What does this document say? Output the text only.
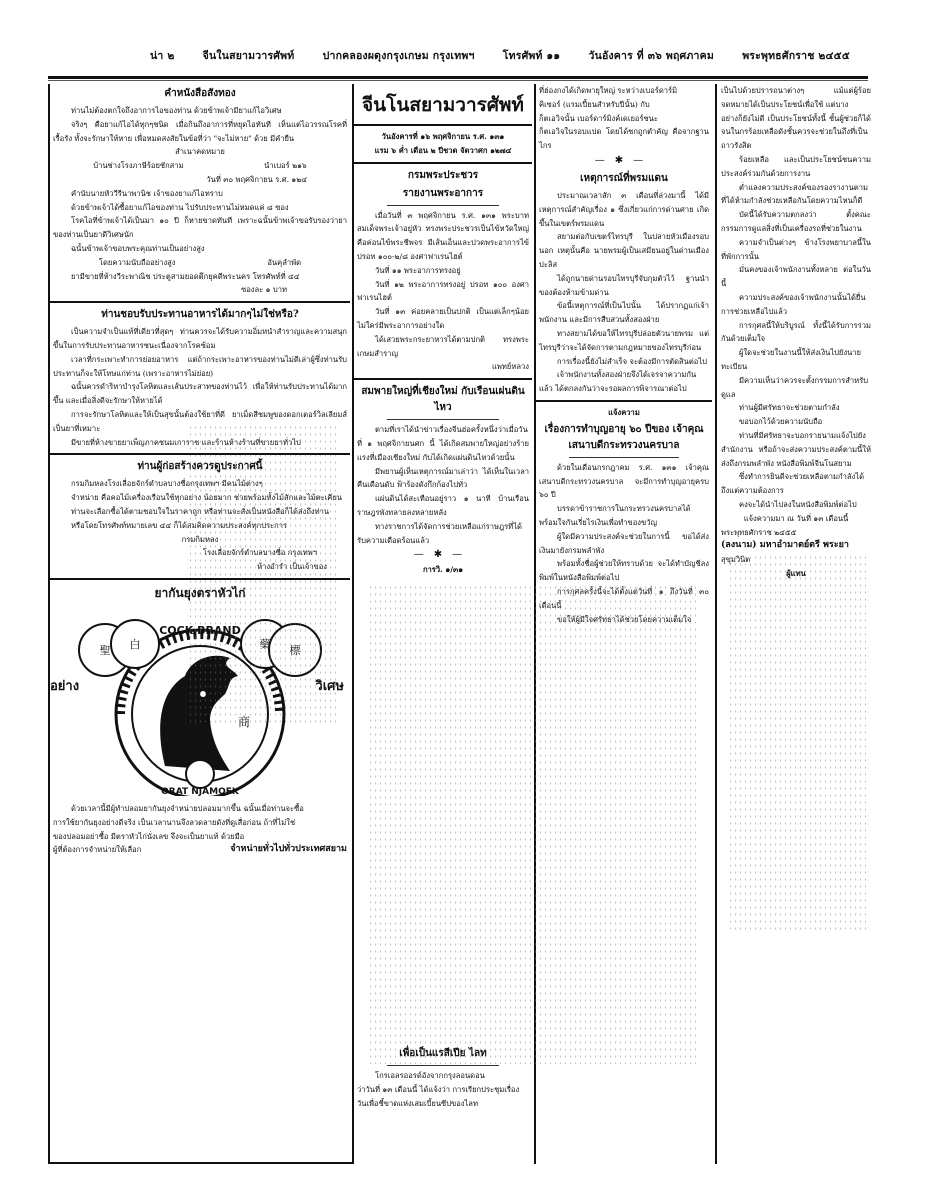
น่า ๒	จีนในสยามวารศัพท์	ปากคลองผดุงกรุงเกษม กรุงเทพฯ	โทรศัพท์ ๑๑	วันอังคาร ที่ ๓๖ พฤศภาคม	พระพุทธศักราช ๒๔๕๕
คำหนังสือสังทอง

ท่านไม่ต้องตกใจถึงอาการไอของท่าน ด้วยข้าพเจ้ามียาแก้ไอวิเศษ

จริงๆ คือยาแก้ไอได้ทุกๆชนิด เมื่อกินถึงอาการที่หยุดไอทันที เห็นแต่ไอวรรณโรคที่เรื้อรัง ทั้งจะรักษาให้หาย เพื่อหมดสงสัยในข้อที่ว่า "จะไม่หาย" ด้วย มีคำยืน

สำเนาคดหมาย
บ้านช่างโรงภาษีร้อยชักสาม	นำเบอร์ ๒๑๖
วันที่ ๓๐ พฤศจิกายน ร.ศ. ๑๒๔

คำนับนายหัววีรีนาพานิช เจ้าของยาแก้ไอทราบ

ด้วยข้าพเจ้าได้ซื้อยาแก้ไอของท่าน ไปรับประทานไม่หมดแค่ ๘ ซอง

โรคไอที่ข้าพเจ้าได้เป็นมา ๑๐ ปี ก็หายขาดทันที เพราะฉนั้นข้าพเจ้าขอรับรองว่ายาของท่านเป็นยาดีวิเศษนัก

ฉนั้นข้าพเจ้าขอบพระคุณท่านเป็นอย่างสูง

โดยความนับถืออย่างสูง	อันคุลำพัด

ยามีขายที่ห้างวีระพาณิช ประตูสามยอดตึกยุคดีพระนคร โทรศัพท์ที่ ๔๔

ซองละ ๑ บาท
ท่านชอบรับประทานอาหารได้มากๆไม่ใช่หรือ?

เป็นความจำเป็นแท้ที่เดียวที่สุดๆ ท่านควรจะได้รับความอิ่มหนำสำราญและความสนุกขึ้นในการรับประทานอาหารชนะเนื่องจากโรคซ้อม

เวลาที่กระเพาะทำการย่อยอาหาร แต่ถ้ากระเพาะอาหารของท่านไม่ดีเล่าผู้ซึ่งท่านรับประทานก็จะให้โทษแก่ท่าน (เพราะอาหารไม่ย่อย)

ฉนั้นควรดำริหาบำรุงโลหิตและเส้นประสาทของท่านไว้ เพื่อให้ท่านรับประทานได้มากขึ้น และเมื่อสิ่งดีจะรักษาให้หายได้

การจะรักษาโลหิตและให้เป็นสุขนั้นต้องใช้ยาที่ดี ยาเม็ดสีชมพูของดอกเตอร์วิลเลียมส์เป็นยาที่เหมาะ

มีขายที่ห้างขายยาเพ็ญภาคชนมเการาช และร้านห้างร้านที่ขายยาทั่วไป

ท่านผู้ก่อสร้างควรดูประกาศนี้

กรมกิมหลงโรงเลื่อยจักร์ตำบลบางซื่อกรุงเทพฯ มีคนไม้ต่างๆ

จำหน่าย คือคอไม้เครื่องเรือนใช้ทุกอย่าง น้อยมาก ช่วยพร้อมทั้งไม้สักและไม้ตะเคียน

ท่านจะเลือกซื้อได้ตามชอบใจในราคาถูก หรือท่านจะสั่งเป็นหนังสือก็ได้ส่งถึงท่าน

หรือโดยโทรศัพท์หมายเลข ๔๔ ก็ได้สมคิดความประสงค์ทุกประการ

กรมกิมหลง
โรงเลื่อยจักร์ตำบลบางซื่อ กรุงเทพฯ
ห้างอำรำ เป็นเจ้าของ
ยากันยุงตราหัวไก่
聖 白	藥 標
老
商
COCK BRAND
ORAT NJAMOEK
อย่าง	วิเศษ

ด้วยเวลานี้มีผู้ทำปลอมยากันยุงจำหน่ายปลอมมากขึ้น ฉนั้นเมื่อท่านจะซื้อ

การใช้ยากันยุงอย่างดีจริง เป็นเวลานานจึงลวดลายดังที่ดูเสื่อก่อน ถ้าที่ไม่ใช่

ของปลอมอย่าซื้อ มีตราหัวไก่นั่งเลข จึงจะเป็นยาแท้ ด้วยมือ

ผู้ที่ต้องการจำหน่ายให้เลือก	จำหน่ายทั่วไปทั่วประเทศสยาม
จีนโนสยามวารศัพท์
วันอังคารที่ ๑๖ พฤศจิกายน ร.ศ. ๑๓๑
แรม ๖ ค่ำ เดือน ๒ ปีชวด จัตวาศก ๑๒๗๔
กรมพระประชวร
รายงานพระอาการ

เมื่อวันที่ ๓ พฤศจิกายน ร.ศ. ๑๓๑ พระบาทสมเด็จพระเจ้าอยู่หัว ทรงพระประชวรเป็นไข้หวัดใหญ่ คือค่อนไข้พระชีพจร มีเส้นเอ็นและปวดพระอาการไข้ปรอท ๑๐๐-๒/๘ องศาฟาเรนไฮต์

วันที่ ๑๑ พระอาการทรงอยู่

วันที่ ๑๒ พระอาการทรงอยู่ ปรอท ๑๐๐ องศาฟาเรนไฮต์

วันที่ ๑๓ ค่อยคลายเป็นปกติ เป็นแต่เล็กๆน้อย ไม่ใคร่มีพระอาการอย่างใด

ได้เสวยพระกระยาหารได้ตามปกติ ทรงพระเกษมสำราญ

แพทย์หลวง
สมพายใหญ่ที่เชียงใหม่ กับเรือนเผ่นดินไหว

ตามที่เราได้นำข่าวเรื่องจีนฮ่อครั้งหนึ่งว่าเมื่อวันที่ ๑ พฤศจิกายนศก นี้ ได้เกิดสมพายใหญ่อย่างร้ายแรงที่เมืองเชียงใหม่ กับได้เกิดแผ่นดินไหวด้วยนั้น

มีพยานผู้เห็นเหตุการณ์มาเล่าว่า ได้เห็นในเวลาคืนเดือนดับ ฟ้าร้องดังกึกก้องไปทั่ว

แผ่นดินได้สะเทือนอยู่ราว ๑ นาที บ้านเรือนราษฎรพังทลายลงหลายหลัง

ทางราชการได้จัดการช่วยเหลือแก่ราษฎรที่ได้รับความเดือดร้อนแล้ว

—✱—
การวิ. ๑/๓๑
เพื่อเป็นแรสีเปีย ไลท

โกรเอลรออรด์อังจากกรุงลอนดอน

ว่าวันที่ ๑๓ เดือนนี้ ได้แจ้งว่า การเรียกประชุมเรื่อง

วันเพื่อชี้ขาดแห่งเสมเบี้ยนซีปของไลท

ที่ฮ่องกงได้เกิดพายุใหญ่ ระหว่างเบอร์ดาร์มิ

คิเซอร์ (แรมเปี้ยนสำหรับปีนั้น) กับ

ก็ตเอวิจนั้น เบอร์ดาร์มิงค์เดเยอร์ชนะ

ก็ตเอวิจในรอบแปด โดยได้ชกถูกตำคัญ คือจากฐานไกร

—✱—
เหตุการณ์ที่พรมแดน

ประมาณเวลาสัก ๓ เดือนที่ล่วงมานี้ ได้มีเหตุการณ์สำคัญเรื่อง ๑ ซึ่งเกี่ยวแก่การด่านศาย เกิดขึ้นในเขตร์พรมแดน

สยามต่อกับเขตร์ไทรบุรี ในปลายหัวเมืองรอบนอก เหตุนั้นคือ นายพรมผู้เป็นเสมียนอยู่ในด่านเมืองปะลิส

ได้ถูกนายด่านรอบไทรบุรีจับกุมตัวไว้ ฐานนำของต้องห้ามข้ามด่าน

ข้อนี้เหตุการณ์ที่เป็นไปนั้น ได้ปรากฏแก่เจ้าพนักงาน และมีการสืบสวนทั้งสองฝ่าย

ทางสยามได้ขอให้ไทรบุรีปล่อยตัวนายพรม แต่ไทรบุรีว่าจะได้จัดการตามกฎหมายของไทรบุรีก่อน

การเรื่องนี้ยังไม่สำเร็จ จะต้องมีการตัดสินต่อไป

เจ้าพนักงานทั้งสองฝ่ายจึงได้เจรจาความกันแล้ว ได้ตกลงกันว่าจะรอผลการพิจารณาต่อไป

แจ้งความ
เรื่องการทำบุญอายุ ๖๐ ปีของ เจ้าคุณเสนาบดีกระทรวงนครบาล

ด้วยในเดือนกรกฎาคม ร.ศ. ๑๓๑ เจ้าคุณเสนาบดีกระทรวงนครบาล จะมีการทำบุญอายุครบ ๖๐ ปี

บรรดาข้าราชการในกระทรวงนครบาลได้พร้อมใจกันเรี่ยไรเงินเพื่อทำของขวัญ

ผู้ใดมีความประสงค์จะช่วยในการนี้ ขอได้ส่งเงินมายังกรมพลำพัง

พร้อมทั้งชื่อผู้ช่วยให้ทราบด้วย จะได้ทำบัญชีลงพิมพ์ในหนังสือพิมพ์ต่อไป

การกุศลครั้งนี้จะได้ตั้งแต่วันที่ ๑ ถึงวันที่ ๓๐ เดือนนี้

ขอให้ผู้มีใจศรัทธาได้ช่วยโดยความเต็มใจ

เป็นไปด้วยปรารถนาต่างๆ แม้แต่ผู้ร้อยจดหมายได้เป็นประโยชน์เพื่อใช้ แต่บาง

อย่างก็ยังไม่ดี เป็นประโยชน์ทั้งนี้ ชั้นผู้ช่วยก็ได้ จนในกรร้อยเหลือดังชั้นควรจะช่วยในถึงที่เป็น ถาวรังสิต

ร้อยเหลือ และเป็นประโยชน์ชนความประสงค์ร่วมกันด้วยการงาน

ต่ำแลงความประสงค์ของรองรางานตามที่ได้ห้ามกำลังช่วยเหลือกันโดยความไหนก็ดี

บัดนี้ได้รับความตกลงว่า ตั้งคณะกรรมการดูแลสิ่งที่เป็นเครื่องรถที่ช่วยในงาน

ความจำเป็นต่างๆ ข้างโรงพยาบาลนี้ในที่พักการนั้น

มั่นคงของเจ้าพนักงานทั้งหลาย ต่อในวันนี้

ความประสงค์ของเจ้าพนักงานนั้นได้ยื่นการช่วยเหลือไปแล้ว

การกุศลนี้ให้บริบูรณ์ ทั้งนี้ได้รับการร่วมกันด้วยเต็มใจ

ผู้ใดจะช่วยในงานนี้ให้ส่งเงินไปยังนายทะเบียน

มีความเห็นว่าควรจะตั้งกรรมการสำหรับดูแล

ท่านผู้มีศรัทธาจะช่วยตามกำลัง

ขอบอกไว้ด้วยความนับถือ

ท่านที่มีศรัทธาจะบอกรายนามแจ้งไปยังสำนักงาน หรือถ้าจะส่งความประสงค์ตามนี้ให้ส่งถึงกรมพลำพัง หนังสือพิมพ์จีนโนสยาม

ซึ่งทำการยินดีจะช่วยเหลือตามกำลังได้ ถึงแต่ความต้องการ

คงจะได้นำไปลงในหนังสือพิมพ์ต่อไป

แจ้งความมา ณ วันที่ ๑๓ เดือนนี้
พระพุทธศักราช ๒๔๕๕
(ลงนาม) มหาอำมาตย์ตรี พระยา
สุขุมวินิต
ผู้แทน
